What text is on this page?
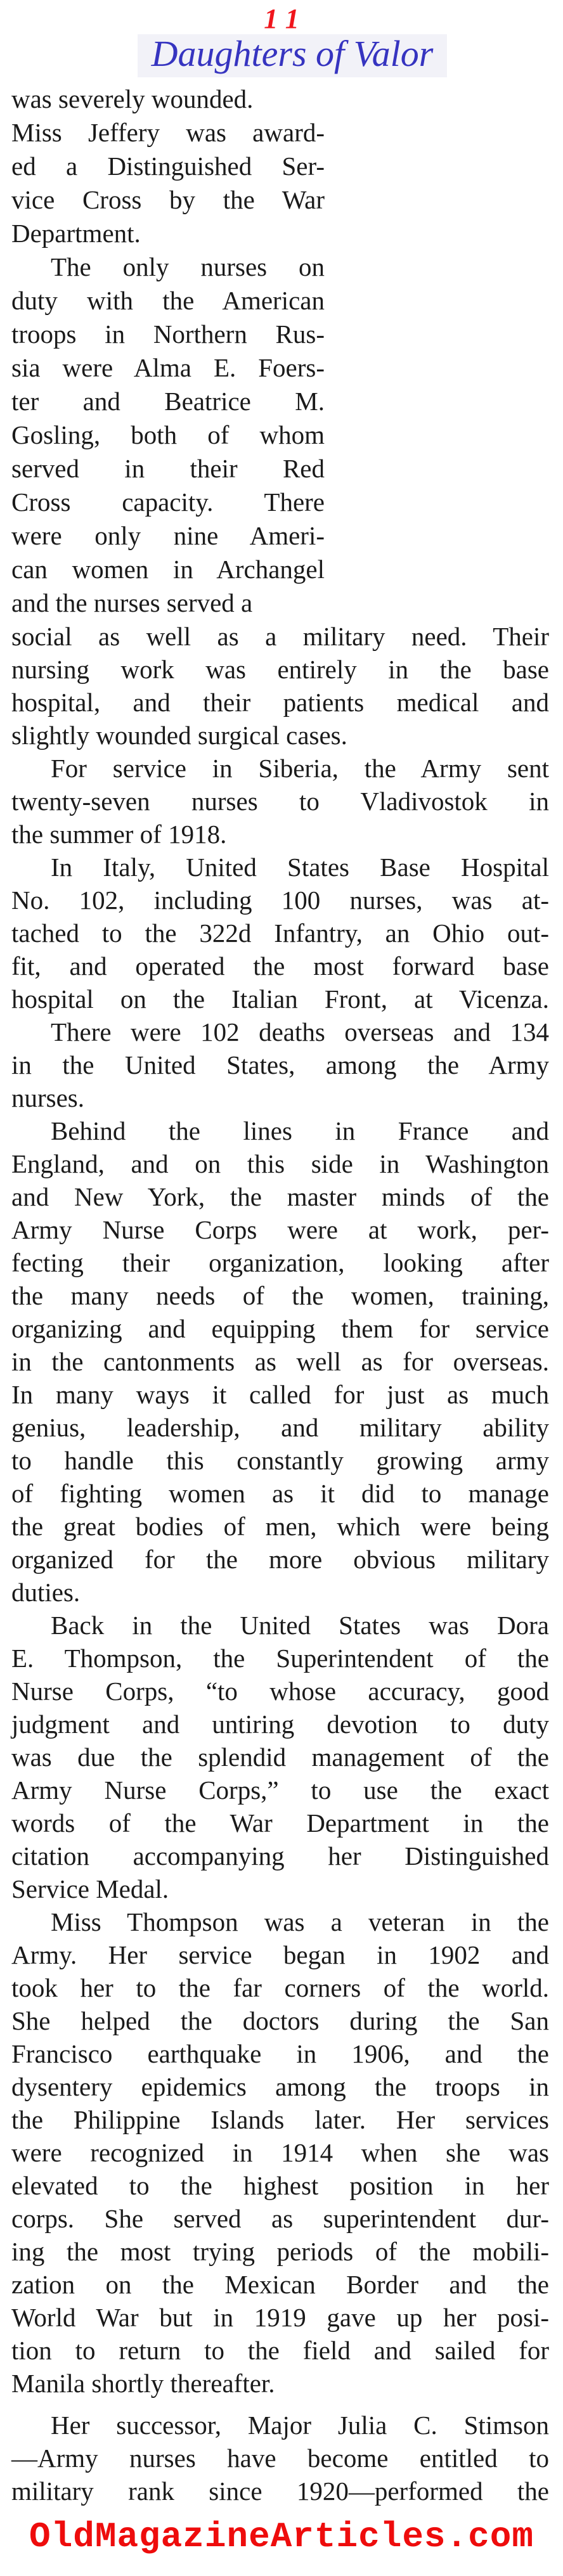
11
Daughters of Valor
was severely wounded.
Miss Jeffery was award-
ed a Distinguished Ser-
vice Cross by the War
Department.
The only nurses on
duty with the American
troops in Northern Rus-
sia were Alma E. Foers-
ter and Beatrice M.
Gosling, both of whom
served in their Red
Cross capacity. There
were only nine Ameri-
can women in Archangel
and the nurses served a
social as well as a military need. Their
nursing work was entirely in the base
hospital, and their patients medical and
slightly wounded surgical cases.
For service in Siberia, the Army sent
twenty-seven nurses to Vladivostok in
the summer of 1918.
In Italy, United States Base Hospital
No. 102, including 100 nurses, was at-
tached to the 322d Infantry, an Ohio out-
fit, and operated the most forward base
hospital on the Italian Front, at Vicenza.
There were 102 deaths overseas and 134
in the United States, among the Army
nurses.
Behind the lines in France and
England, and on this side in Washington
and New York, the master minds of the
Army Nurse Corps were at work, per-
fecting their organization, looking after
the many needs of the women, training,
organizing and equipping them for service
in the cantonments as well as for overseas.
In many ways it called for just as much
genius, leadership, and military ability
to handle this constantly growing army
of fighting women as it did to manage
the great bodies of men, which were being
organized for the more obvious military
duties.
Back in the United States was Dora
E. Thompson, the Superintendent of the
Nurse Corps, “to whose accuracy, good
judgment and untiring devotion to duty
was due the splendid management of the
Army Nurse Corps,” to use the exact
words of the War Department in the
citation accompanying her Distinguished
Service Medal.
Miss Thompson was a veteran in the
Army. Her service began in 1902 and
took her to the far corners of the world.
She helped the doctors during the San
Francisco earthquake in 1906, and the
dysentery epidemics among the troops in
the Philippine Islands later. Her services
were recognized in 1914 when she was
elevated to the highest position in her
corps. She served as superintendent dur-
ing the most trying periods of the mobili-
zation on the Mexican Border and the
World War but in 1919 gave up her posi-
tion to return to the field and sailed for
Manila shortly thereafter.
Her successor, Major Julia C. Stimson
—Army nurses have become entitled to
military rank since 1920—performed the
OldMagazineArticles.com
